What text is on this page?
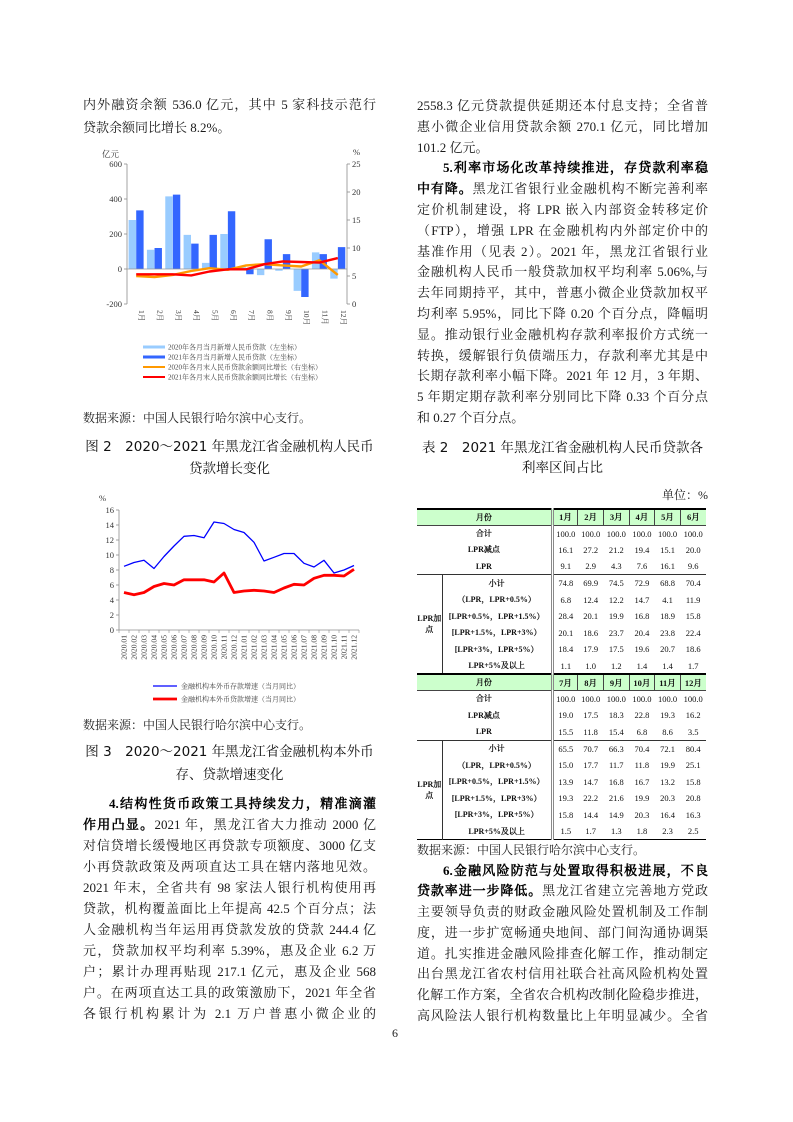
内外融资余额 536.0 亿元，其中 5 家科技示范行
贷款余额同比增长 8.2%。
-200
0
200
400
600
0
5
10
15
20
25
亿元	%
1月 2月 3月 4月 5月 6月 7月 8月 9月 10月 11月 12月
2020年各月当月新增人民币贷款（左坐标）
2021年各月当月新增人民币贷款（左坐标）
2020年各月末人民币贷款余额同比增长（右坐标）
2021年各月末人民币贷款余额同比增长（右坐标）
数据来源：中国人民银行哈尔滨中心支行。
图 2　2020～2021 年黑龙江省金融机构人民币
贷款增长变化
0
2
4
6
8
10
12
14
16
%
2020.01 2020.02 2020.03 2020.04 2020.05 2020.06 2020.07 2020.08 2020.09 2020.10 2020.11 2020.12 2021.01 2021.02 2021.03 2021.04 2021.05 2021.06 2021.07 2021.08 2021.09 2021.10 2021.11 2021.12
金融机构本外币存款增速（当月同比）
金融机构本外币贷款增速（当月同比）
数据来源：中国人民银行哈尔滨中心支行。
图 3　2020～2021 年黑龙江省金融机构本外币
存、贷款增速变化
4.结构性货币政策工具持续发力，精准滴灌
作用凸显。2021 年，黑龙江省大力推动 2000 亿
对信贷增长缓慢地区再贷款专项额度、3000 亿支
小再贷款政策及两项直达工具在辖内落地见效。
2021 年末，全省共有 98 家法人银行机构使用再
贷款，机构覆盖面比上年提高 42.5 个百分点；法
人金融机构当年运用再贷款发放的贷款 244.4 亿
元，贷款加权平均利率 5.39%，惠及企业 6.2 万
户；累计办理再贴现 217.1 亿元，惠及企业 568
户。在两项直达工具的政策激励下，2021 年全省
各银行机构累计为 2.1 万户普惠小微企业的
2558.3 亿元贷款提供延期还本付息支持；全省普
惠小微企业信用贷款余额 270.1 亿元，同比增加
101.2 亿元。
5.利率市场化改革持续推进，存贷款利率稳
中有降。黑龙江省银行业金融机构不断完善利率
定价机制建设，将 LPR 嵌入内部资金转移定价
（FTP），增强 LPR 在金融机构内外部定价中的
基准作用（见表 2）。2021 年，黑龙江省银行业
金融机构人民币一般贷款加权平均利率 5.06%,与
去年同期持平，其中，普惠小微企业贷款加权平
均利率 5.95%，同比下降 0.20 个百分点，降幅明
显。推动银行业金融机构存款利率报价方式统一
转换，缓解银行负债端压力，存款利率尤其是中
长期存款利率小幅下降。2021 年 12 月，3 年期、
5 年期定期存款利率分别同比下降 0.33 个百分点
和 0.27 个百分点。
表 2　2021 年黑龙江省金融机构人民币贷款各
利率区间占比
单位：%
月份		1月	2月	3月	4月	5月	6月
合计		100.0	100.0	100.0	100.0	100.0	100.0
LPR减点		16.1	27.2	21.2	19.4	15.1	20.0
LPR		9.1	2.9	4.3	7.6	16.1	9.6
LPR加点	小计	74.8	69.9	74.5	72.9	68.8	70.4
	（LPR，LPR+0.5%）	6.8	12.4	12.2	14.7	4.1	11.9
	[LPR+0.5%，LPR+1.5%）	28.4	20.1	19.9	16.8	18.9	15.8
	[LPR+1.5%，LPR+3%）	20.1	18.6	23.7	20.4	23.8	22.4
	[LPR+3%，LPR+5%）	18.4	17.9	17.5	19.6	20.7	18.6
	LPR+5%及以上	1.1	1.0	1.2	1.4	1.4	1.7
月份		7月	8月	9月	10月	11月	12月
合计		100.0	100.0	100.0	100.0	100.0	100.0
LPR减点		19.0	17.5	18.3	22.8	19.3	16.2
LPR		15.5	11.8	15.4	6.8	8.6	3.5
LPR加点	小计	65.5	70.7	66.3	70.4	72.1	80.4
	（LPR，LPR+0.5%）	15.0	17.7	11.7	11.8	19.9	25.1
	[LPR+0.5%，LPR+1.5%）	13.9	14.7	16.8	16.7	13.2	15.8
	[LPR+1.5%，LPR+3%）	19.3	22.2	21.6	19.9	20.3	20.8
	[LPR+3%，LPR+5%）	15.8	14.4	14.9	20.3	16.4	16.3
	LPR+5%及以上	1.5	1.7	1.3	1.8	2.3	2.5
数据来源：中国人民银行哈尔滨中心支行。
6.金融风险防范与处置取得积极进展，不良
贷款率进一步降低。黑龙江省建立完善地方党政
主要领导负责的财政金融风险处置机制及工作制
度，进一步扩宽畅通央地间、部门间沟通协调渠
道。扎实推进金融风险排查化解工作，推动制定
出台黑龙江省农村信用社联合社高风险机构处置
化解工作方案，全省农合机构改制化险稳步推进，
高风险法人银行机构数量比上年明显减少。全省
6
